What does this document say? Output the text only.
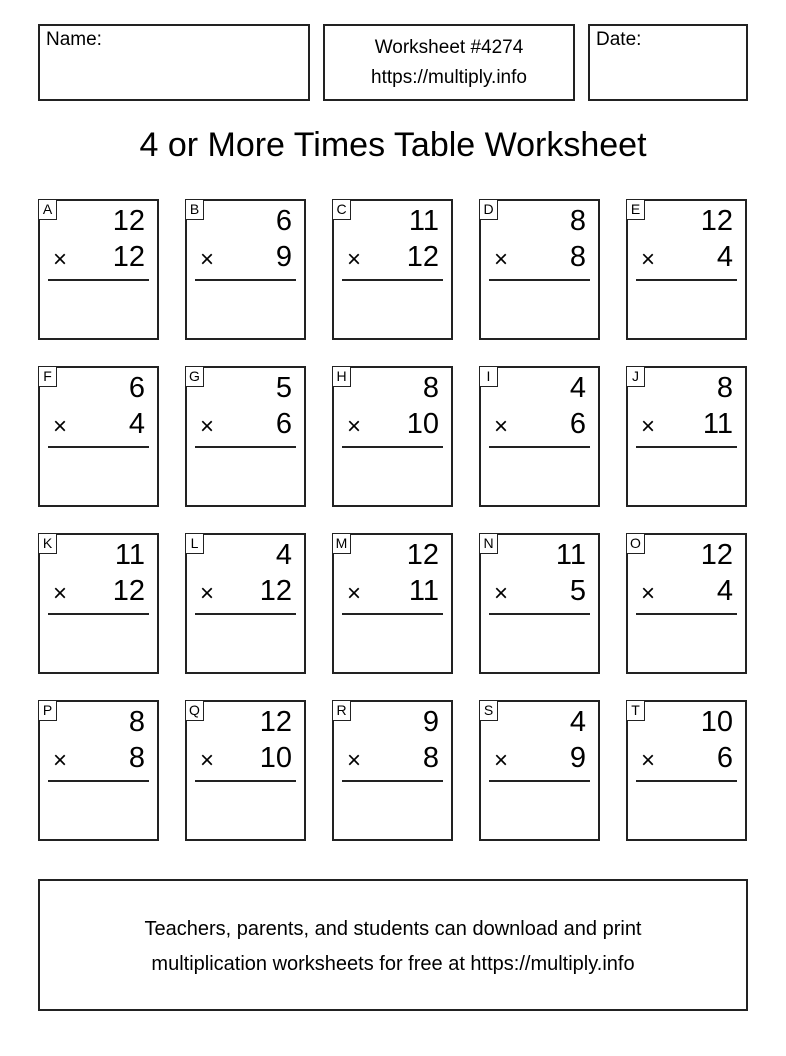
Name:	Worksheet #4274
https://multiply.info
Date:
4 or More Times Table Worksheet
A 12
× 12
B	6
× 9
C 11
× 12
D	8
× 8
E 12
× 4
F	6
× 4
G	5
× 6
H	8
× 10
I	4
× 6
J	8
× 11
K 11
× 12
L	4
× 12
M 12
× 11
N 11
× 5
O 12
× 4
P	8
× 8
Q 12
× 10
R	9
× 8
S	4
× 9
T 10
× 6
Teachers, parents, and students can download and print
multiplication worksheets for free at https://multiply.info
